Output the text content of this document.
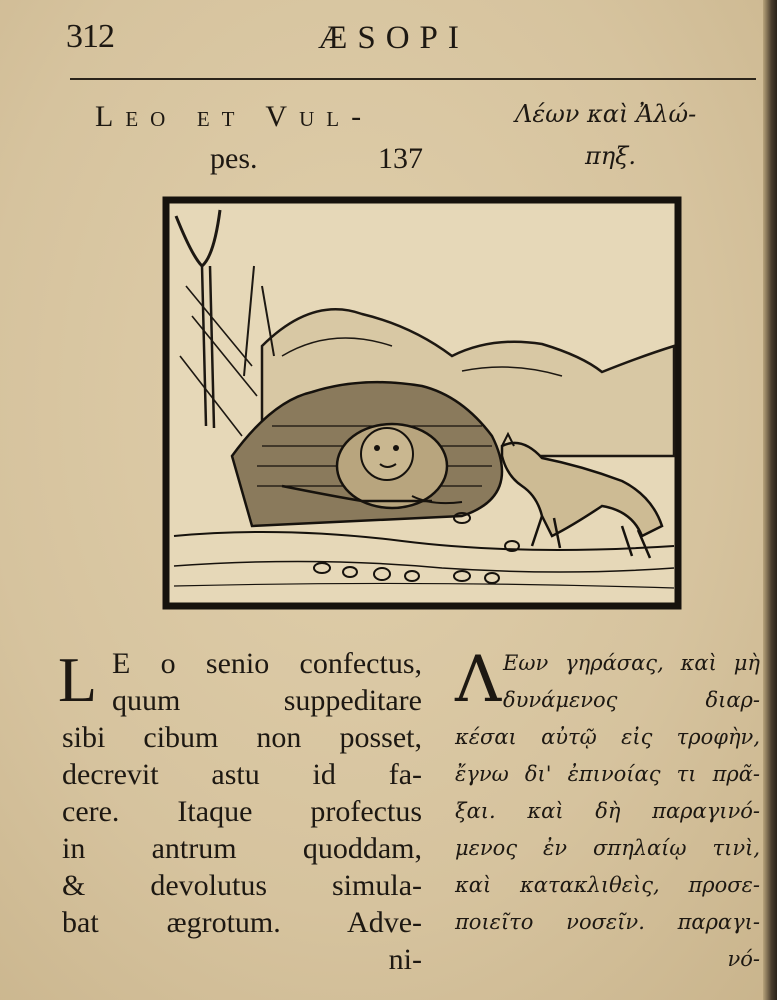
312	ÆSOPI
Leo et Vul-
pes.	137
Λέων καὶ Ἀλώ-
πηξ.
L E o senio confectus,
quum suppeditare
sibi cibum non posset,
decrevit astu id fa-
cere. Itaque profectus
in antrum quoddam,
& devolutus simula-
bat ægrotum. Adve-
ni-
Λ Εων γηράσας, καὶ μὴ
δυνάμενος διαρ-
κέσαι αὐτῷ εἰς τροφὴν,
ἔγνω δι' ἐπινοίας τι πρᾶ-
ξαι. καὶ δὴ παραγινό-
μενος ἐν σπηλαίῳ τινὶ,
καὶ κατακλιθεὶς, προσε-
ποιεῖτο νοσεῖν. παραγι-
νό-
